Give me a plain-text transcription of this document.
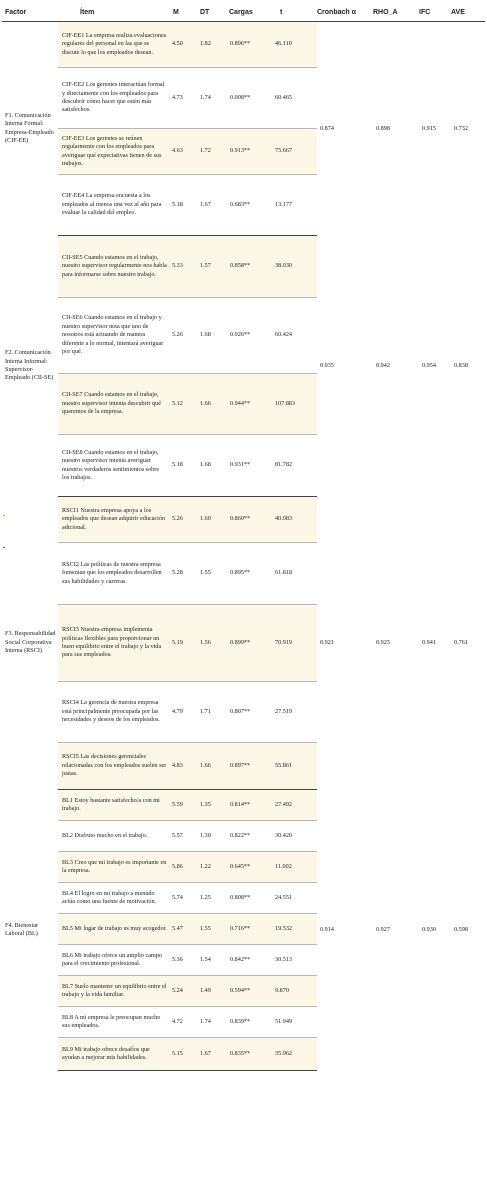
Factor	Ítem	M	DT	Cargas	t	Cronbach α	RHO_A	IFC	AVE
F1. Comunicación Interna Formal: Empresa-Empleado (CIF-EE)	CIF-EE1 La empresa realiza evaluaciones regulares del personal en las que se discute lo que los empleados desean.	4.50	1.82	0.896**	46.110	0.874	0.898	0.915	0.732
	CIF-EE2 Los gerentes interactúan formal y directamente con los empleados para descubrir cómo hacer que estén más satisfechos.	4.73	1.74	0.908**	60.465				
	CIF-EE3 Los gerentes se reúnen regularmente con los empleados para averiguar qué expectativas tienen de sus trabajos.	4.63	1.72	0.913**	75.667				
	CIF-EE4 La empresa encuesta a los empleados al menos una vez al año para evaluar la calidad del empleo.	5.18	1.67	0.683**	13.177				
F2. Comunicación Interna Informal: Supervisor-Empleado (CII-SE)	CII-SE5 Cuando estamos en el trabajo, nuestro supervisor regularmente nos habla para informarse sobre nuestro trabajo.	5.33	1.57	0.858**	38.030	0.935	0.942	0.954	0.838
	CII-SE6 Cuando estamos en el trabajo y nuestro supervisor nota que uno de nosotros está actuando de manera diferente a lo normal, intentará averiguar por qué.	5.26	1.68	0.926**	60.424				
	CII-SE7 Cuando estamos en el trabajo, nuestro supervisor intenta descubrir qué queremos de la empresa.	5.12	1.66	0.944**	107.883				
	CII-SE8 Cuando estamos en el trabajo, nuestro supervisor intenta averiguar nuestros verdaderos sentimientos sobre los trabajos.	5.18	1.68	0.931**	81.782				
F3. Responsabilidad Social Corporativa Interna (RSCI)	RSCI1 Nuestra empresa apoya a los empleados que desean adquirir educación adicional.	5.26	1.60	0.860**	40.083	0.921	0.925	0.941	0.761
	RSCI2 Las políticas de nuestra empresa fomentan que los empleados desarrollen sus habilidades y carreras.	5.28	1.55	0.895**	61.818				
	RSCI3 Nuestra empresa implementa políticas flexibles para proporcionar un buen equilibrio entre el trabajo y la vida para sus empleados.	5.19	1.56	0.899**	70.919				
	RSCI4 La gerencia de nuestra empresa está principalmente preocupada por las necesidades y deseos de los empleados.	4.79	1.71	0.807**	27.519				
	RSCI5 Las decisiones gerenciales relacionadas con los empleados suelen ser justas.	4.83	1.66	0.897**	55.861				
F4. Bienestar Laboral (BL)	BL1 Estoy bastante satisfecho/a con mi trabajo.	5.59	1.35	0.814**	27.492	0.914	0.927	0.930	0.598
	BL2 Disfruto mucho en el trabajo.	5.57	1.30	0.822**	30.420				
	BL3 Creo que mi trabajo es importante en la empresa.	5.86	1.22	0.645**	11.002				
	BL4 El logro en mi trabajo a menudo actúa como una fuente de motivación.	5.74	1.25	0.808**	24.551				
	BL5 Mi lugar de trabajo es muy acogedor.	5.47	1.55	0.716**	19.532				
	BL6 Mi trabajo ofrece un amplio campo para el crecimiento profesional.	5.36	1.54	0.842**	30.513				
	BL7 Suelo mantener un equilibrio entre el trabajo y la vida familiar.	5.24	1.49	0.594**	9.870				
	BL8 A mi empresa le preocupan mucho sus empleados.	4.72	1.74	0.839**	51.949				
	BL9 Mi trabajo ofrece desafíos que ayudan a mejorar mis habilidades.	5.15	1.67	0.835**	35.962				
